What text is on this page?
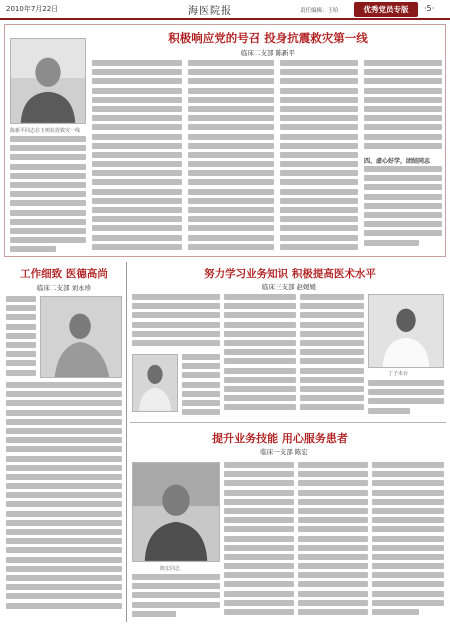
2010年7月22日	海医院报	责任编辑：王哈	优秀党员专版	·5·
积极响应党的号召 投身抗震救灾第一线
临床二支部 陈新平
陈新平同志在玉树抗震救灾一线
四、虚心好学，团结同志
工作细致 医德高尚
临床二支部 刘永珍
努力学习业务知识 积极提高医术水平
临床三支部 赵媛媛
丁子未台
提升业务技能 用心服务患者
临床一支部 陈宏
陈宏同志
